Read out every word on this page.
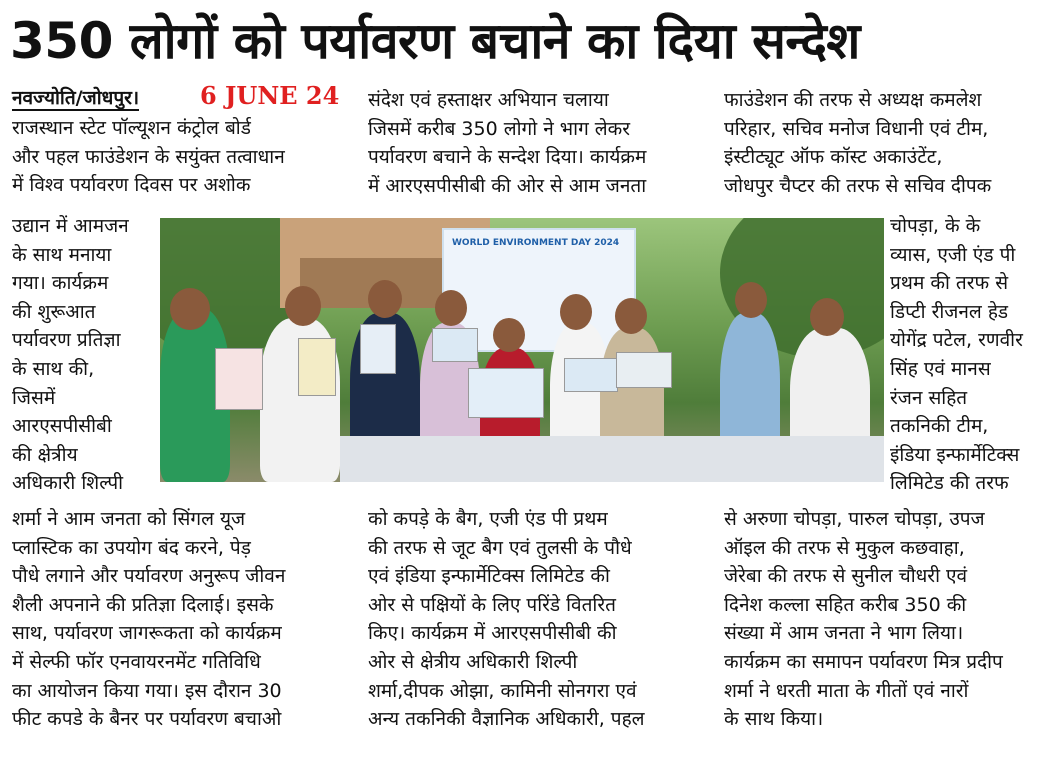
350 लोगों को पर्यावरण बचाने का दिया सन्देश
नवज्योति/जोधपुर।	6 JUNE 24
राजस्थान स्टेट पॉल्यूशन कंट्रोल बोर्ड
और पहल फाउंडेशन के सयुंक्त तत्वाधान
में विश्व पर्यावरण दिवस पर अशोक
उद्यान में आमजन
के साथ मनाया
गया। कार्यक्रम
की शुरूआत
पर्यावरण प्रतिज्ञा
के साथ की,
जिसमें
आरएसपीसीबी
की क्षेत्रीय
अधिकारी शिल्पी
शर्मा ने आम जनता को सिंगल यूज
प्लास्टिक का उपयोग बंद करने, पेड़
पौधे लगाने और पर्यावरण अनुरूप जीवन
शैली अपनाने की प्रतिज्ञा दिलाई। इसके
साथ, पर्यावरण जागरूकता को कार्यक्रम
में सेल्फी फॉर एनवायरनमेंट गतिविधि
का आयोजन किया गया। इस दौरान 30
फीट कपडे के बैनर पर पर्यावरण बचाओ
संदेश एवं हस्ताक्षर अभियान चलाया
जिसमें करीब 350 लोगो ने भाग लेकर
पर्यावरण बचाने के सन्देश दिया। कार्यक्रम
में आरएसपीसीबी की ओर से आम जनता
को कपड़े के बैग, एजी एंड पी प्रथम
की तरफ से जूट बैग एवं तुलसी के पौधे
एवं इंडिया इन्फार्मेटिक्स लिमिटेड की
ओर से पक्षियों के लिए परिंडे वितरित
किए। कार्यक्रम में आरएसपीसीबी की
ओर से क्षेत्रीय अधिकारी शिल्पी
शर्मा,दीपक ओझा, कामिनी सोनगरा एवं
अन्य तकनिकी वैज्ञानिक अधिकारी, पहल
फाउंडेशन की तरफ से अध्यक्ष कमलेश
परिहार, सचिव मनोज विधानी एवं टीम,
इंस्टीट्यूट ऑफ कॉस्ट अकाउंटेंट,
जोधपुर चैप्टर की तरफ से सचिव दीपक
चोपड़ा, के के
व्यास, एजी एंड पी
प्रथम की तरफ से
डिप्टी रीजनल हेड
योगेंद्र पटेल, रणवीर
सिंह एवं मानस
रंजन सहित
तकनिकी टीम,
इंडिया इन्फार्मेटिक्स
लिमिटेड की तरफ
से अरुणा चोपड़ा, पारुल चोपड़ा, उपज
ऑइल की तरफ से मुकुल कछवाहा,
जेरेबा की तरफ से सुनील चौधरी एवं
दिनेश कल्ला सहित करीब 350 की
संख्या में आम जनता ने भाग लिया।
कार्यक्रम का समापन पर्यावरण मित्र प्रदीप
शर्मा ने धरती माता के गीतों एवं नारों
के साथ किया।
WORLD ENVIRONMENT DAY 2024
